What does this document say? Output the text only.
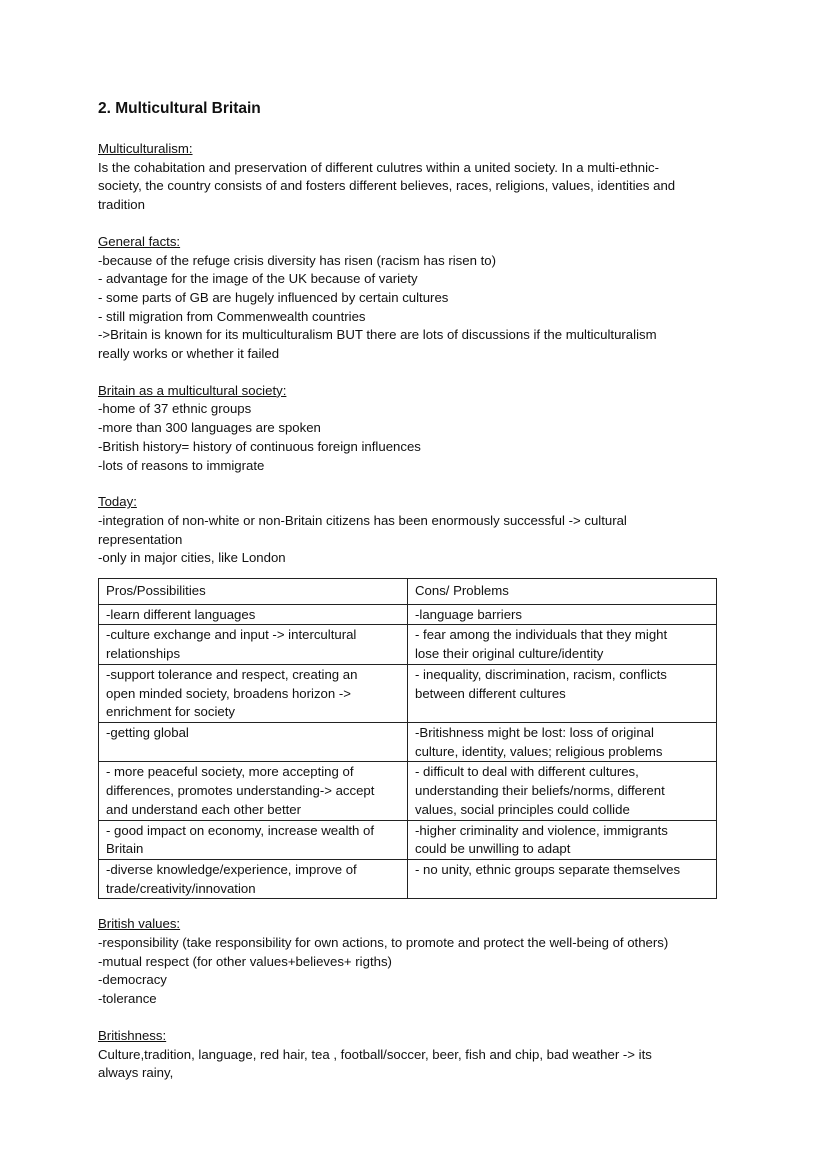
2. Multicultural Britain
Multiculturalism:
Is the cohabitation and preservation of different culutres within a united society. In a multi-ethnic-
society, the country consists of and fosters different believes, races, religions, values, identities and
tradition
General facts:
-because of the refuge crisis diversity has risen (racism has risen to)
- advantage for the image of the UK because of variety
- some parts of GB are hugely influenced by certain cultures
- still migration from Commenwealth countries
->Britain is known for its multiculturalism BUT there are lots of discussions if the multiculturalism
really works or whether it failed
Britain as a multicultural society:
-home of 37 ethnic groups
-more than 300 languages are spoken
-British history= history of continuous foreign influences
-lots of reasons to immigrate
Today:
-integration of non-white or non-Britain citizens has been enormously successful -> cultural
representation
-only in major cities, like London
Pros/Possibilities	Cons/ Problems

-learn different languages	-language barriers

-culture exchange and input -> intercultural
relationships	- fear among the individuals that they might
lose their original culture/identity

-support tolerance and respect, creating an
open minded society, broadens horizon ->
enrichment for society	- inequality, discrimination, racism, conflicts
between different cultures

-getting global	-Britishness might be lost: loss of original
culture, identity, values; religious problems

- more peaceful society, more accepting of
differences, promotes understanding-> accept
and understand each other better	- difficult to deal with different cultures,
understanding their beliefs/norms, different
values, social principles could collide

- good impact on economy, increase wealth of
Britain	-higher criminality and violence, immigrants
could be unwilling to adapt

-diverse knowledge/experience, improve of
trade/creativity/innovation	- no unity, ethnic groups separate themselves
British values:
-responsibility (take responsibility for own actions, to promote and protect the well-being of others)
-mutual respect (for other values+believes+ rigths)
-democracy
-tolerance
Britishness:
Culture,tradition, language, red hair, tea , football/soccer, beer, fish and chip, bad weather -> its
always rainy,
